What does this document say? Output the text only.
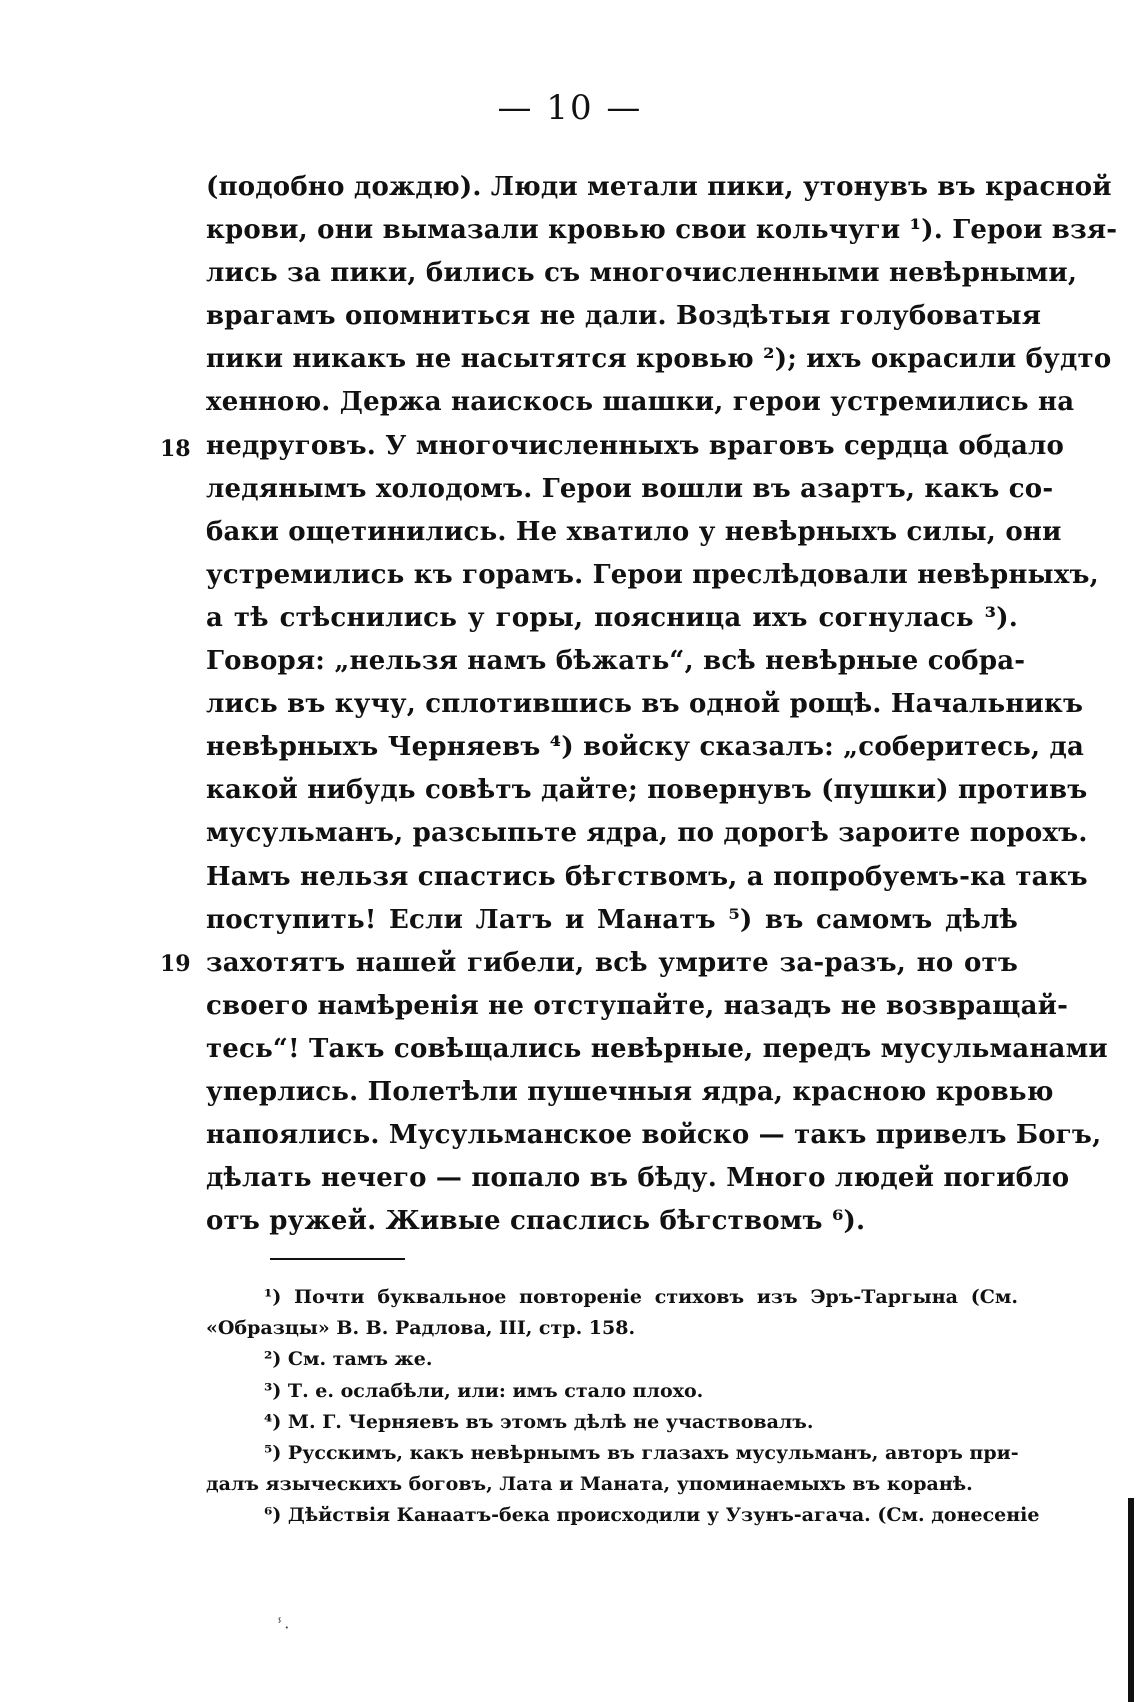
— 10 —
18
19
(подобно дождю). Люди метали пики, утонувъ въ красной
крови, они вымазали кровью свои кольчуги ¹). Герои взя-
лись за пики, бились съ многочисленными невѣрными,
врагамъ опомниться не дали. Воздѣтыя голубоватыя
пики никакъ не насытятся кровью ²); ихъ окрасили будто
хенною. Держа наискось шашки, герои устремились на
недруговъ. У многочисленныхъ враговъ сердца обдало
ледянымъ холодомъ. Герои вошли въ азартъ, какъ со-
баки ощетинились. Не хватило у невѣрныхъ силы, они
устремились къ горамъ. Герои преслѣдовали невѣрныхъ,
а тѣ стѣснились у горы, поясница ихъ согнулась ³).
Говоря: „нельзя намъ бѣжать“, всѣ невѣрные собра-
лись въ кучу, сплотившись въ одной рощѣ. Начальникъ
невѣрныхъ Черняевъ ⁴) войску сказалъ: „соберитесь, да
какой нибудь совѣтъ дайте; повернувъ (пушки) противъ
мусульманъ, разсыпьте ядра, по дорогѣ зароите порохъ.
Намъ нельзя спастись бѣгствомъ, а попробуемъ-ка такъ
поступить! Если Латъ и Манатъ ⁵) въ самомъ дѣлѣ
захотятъ нашей гибели, всѣ умрите за-разъ, но отъ
своего намѣренія не отступайте, назадъ не возвращай-
тесь“! Такъ совѣщались невѣрные, передъ мусульманами
уперлись. Полетѣли пушечныя ядра, красною кровью
напоялись. Мусульманское войско — такъ привелъ Богъ,
дѣлать нечего — попало въ бѣду. Много людей погибло
отъ ружей. Живые спаслись бѣгствомъ ⁶).
¹) Почти буквальное повтореніе стиховъ изъ Эръ-Таргына (См.
«Образцы» В. В. Радлова, III, стр. 158.
²) См. тамъ же.
³) Т. е. ослабѣли, или: имъ стало плохо.
⁴) М. Г. Черняевъ въ этомъ дѣлѣ не участвовалъ.
⁵) Русскимъ, какъ невѣрнымъ въ глазахъ мусульманъ, авторъ при-
далъ языческихъ боговъ, Лата и Маната, упоминаемыхъ въ коранѣ.
⁶) Дѣйствія Канаатъ-бека происходили у Узунъ-агача. (См. донесеніе
ⸯ·
